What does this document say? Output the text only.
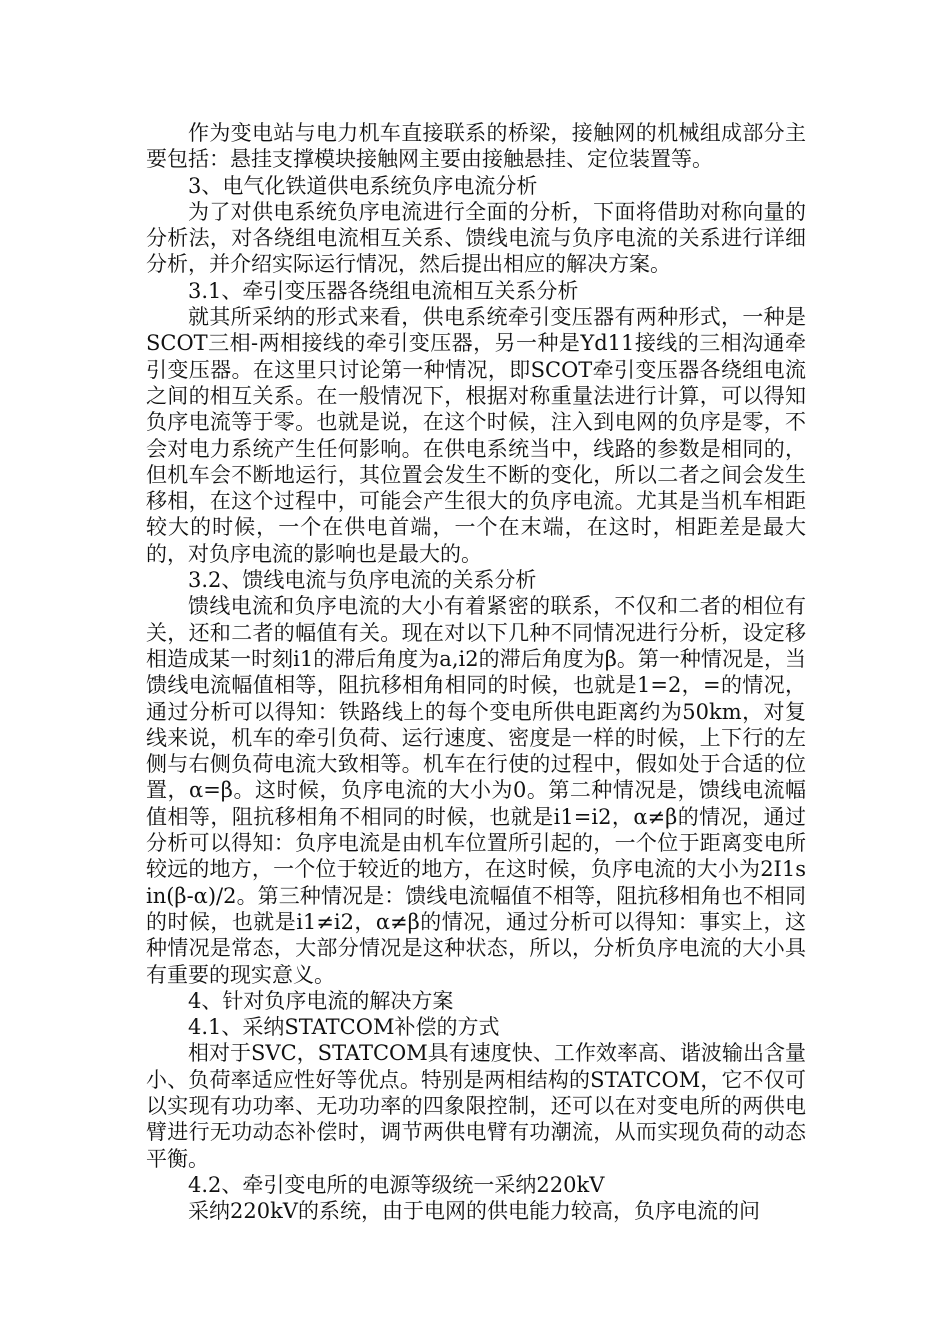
作为变电站与电力机车直接联系的桥梁，接触网的机械组成部分主要包括：悬挂支撑模块接触网主要由接触悬挂、定位装置等。

3、电气化铁道供电系统负序电流分析

为了对供电系统负序电流进行全面的分析，下面将借助对称向量的分析法，对各绕组电流相互关系、馈线电流与负序电流的关系进行详细分析，并介绍实际运行情况，然后提出相应的解决方案。

3.1、牵引变压器各绕组电流相互关系分析

就其所采纳的形式来看，供电系统牵引变压器有两种形式，一种是SCOT三相-两相接线的牵引变压器，另一种是Yd11接线的三相沟通牵引变压器。在这里只讨论第一种情况，即SCOT牵引变压器各绕组电流之间的相互关系。在一般情况下，根据对称重量法进行计算，可以得知负序电流等于零。也就是说，在这个时候，注入到电网的负序是零，不会对电力系统产生任何影响。在供电系统当中，线路的参数是相同的，但机车会不断地运行，其位置会发生不断的变化，所以二者之间会发生移相，在这个过程中，可能会产生很大的负序电流。尤其是当机车相距较大的时候，一个在供电首端，一个在末端，在这时，相距差是最大的，对负序电流的影响也是最大的。

3.2、馈线电流与负序电流的关系分析

馈线电流和负序电流的大小有着紧密的联系，不仅和二者的相位有关，还和二者的幅值有关。现在对以下几种不同情况进行分析，设定移相造成某一时刻i1的滞后角度为a,i2的滞后角度为β。第一种情况是，当馈线电流幅值相等，阻抗移相角相同的时候，也就是1=2，=的情况，通过分析可以得知：铁路线上的每个变电所供电距离约为50km，对复线来说，机车的牵引负荷、运行速度、密度是一样的时候，上下行的左侧与右侧负荷电流大致相等。机车在行使的过程中，假如处于合适的位置，α=β。这时候，负序电流的大小为0。第二种情况是，馈线电流幅值相等，阻抗移相角不相同的时候，也就是i1=i2，α≠β的情况，通过分析可以得知：负序电流是由机车位置所引起的，一个位于距离变电所较远的地方，一个位于较近的地方，在这时候，负序电流的大小为2I1sin(β-α)/2。第三种情况是：馈线电流幅值不相等，阻抗移相角也不相同的时候，也就是i1≠i2，α≠β的情况，通过分析可以得知：事实上，这种情况是常态，大部分情况是这种状态，所以，分析负序电流的大小具有重要的现实意义。

4、针对负序电流的解决方案

4.1、采纳STATCOM补偿的方式

相对于SVC，STATCOM具有速度快、工作效率高、谐波输出含量小、负荷率适应性好等优点。特别是两相结构的STATCOM，它不仅可以实现有功功率、无功功率的四象限控制，还可以在对变电所的两供电臂进行无功动态补偿时，调节两供电臂有功潮流，从而实现负荷的动态平衡。

4.2、牵引变电所的电源等级统一采纳220kV

采纳220kV的系统，由于电网的供电能力较高，负序电流的问
